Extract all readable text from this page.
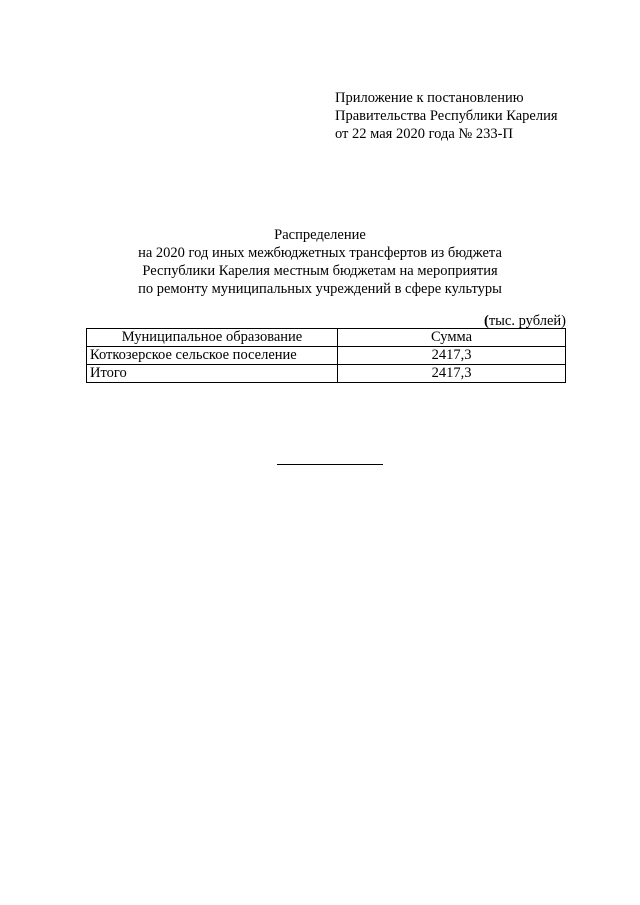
Приложение к постановлению
Правительства Республики Карелия
от 22 мая 2020 года № 233-П
Распределение
на 2020 год иных межбюджетных трансфертов из бюджета
Республики Карелия местным бюджетам на мероприятия
по ремонту муниципальных учреждений в сфере культуры
(тыс. рублей)
Муниципальное образование	Сумма
Коткозерское сельское поселение	2417,3
Итого	2417,3
